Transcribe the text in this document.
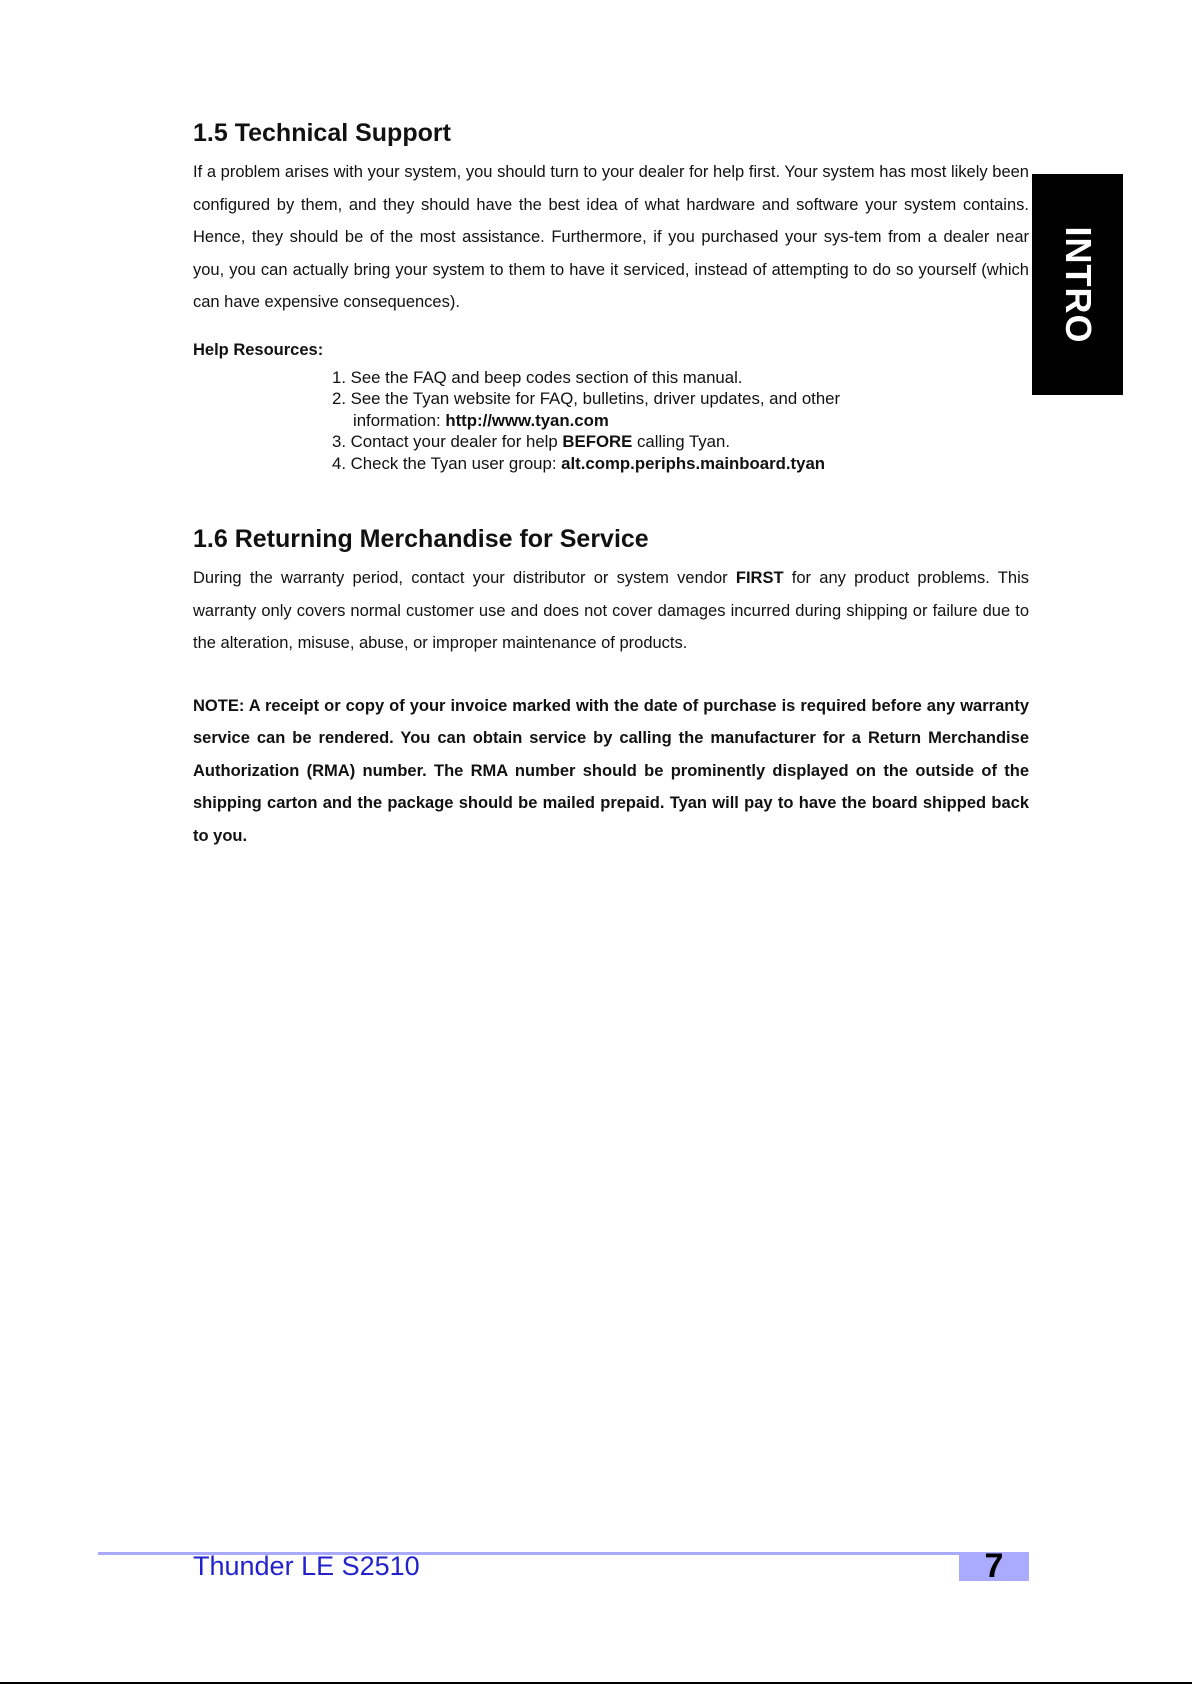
1.5 Technical Support

If a problem arises with your system, you should turn to your dealer for help first. Your system has most likely been configured by them, and they should have the best idea of what hardware and software your system contains. Hence, they should be of the most assistance. Furthermore, if you purchased your sys-tem from a dealer near you, you can actually bring your system to them to have it serviced, instead of attempting to do so yourself (which can have expensive consequences).

Help Resources:
1. See the FAQ and beep codes section of this manual.
2. See the Tyan website for FAQ, bulletins, driver updates, and other
information: http://www.tyan.com
3. Contact your dealer for help BEFORE calling Tyan.
4. Check the Tyan user group: alt.comp.periphs.mainboard.tyan
1.6 Returning Merchandise for Service

During the warranty period, contact your distributor or system vendor FIRST for any product problems. This warranty only covers normal customer use and does not cover damages incurred during shipping or failure due to the alteration, misuse, abuse, or improper maintenance of products.

NOTE: A receipt or copy of your invoice marked with the date of purchase is required before any warranty service can be rendered. You can obtain service by calling the manufacturer for a Return Merchandise Authorization (RMA) number. The RMA number should be prominently displayed on the outside of the shipping carton and the package should be mailed prepaid. Tyan will pay to have the board shipped back to you.

INTRO
Thunder LE S2510	7
